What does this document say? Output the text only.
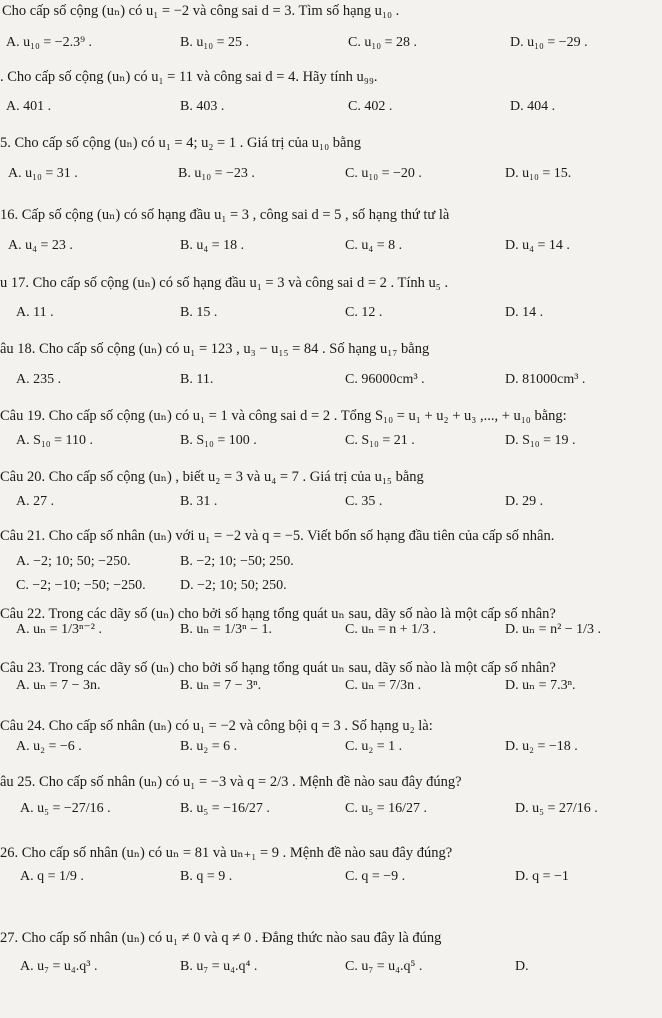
Cho cấp số cộng (uₙ) có u₁ = −2 và công sai d = 3. Tìm số hạng u₁₀ .
A. u₁₀ = −2.3⁹ .	B. u₁₀ = 25 .	C. u₁₀ = 28 .	D. u₁₀ = −29 .
. Cho cấp số cộng (uₙ) có u₁ = 11 và công sai d = 4. Hãy tính u₉₉.
A. 401 .	B. 403 .	C. 402 .	D. 404 .
5. Cho cấp số cộng (uₙ) có u₁ = 4; u₂ = 1 . Giá trị của u₁₀ bằng
A. u₁₀ = 31 .	B. u₁₀ = −23 .	C. u₁₀ = −20 .	D. u₁₀ = 15.
16. Cấp số cộng (uₙ) có số hạng đầu u₁ = 3 , công sai d = 5 , số hạng thứ tư là
A. u₄ = 23 .	B. u₄ = 18 .	C. u₄ = 8 .	D. u₄ = 14 .
u 17. Cho cấp số cộng (uₙ) có số hạng đầu u₁ = 3 và công sai d = 2 . Tính u₅ .
A. 11 .	B. 15 .	C. 12 .	D. 14 .
âu 18. Cho cấp số cộng (uₙ) có u₁ = 123 , u₃ − u₁₅ = 84 . Số hạng u₁₇ bằng
A. 235 .	B. 11.	C. 96000cm³ .	D. 81000cm³ .
Câu 19. Cho cấp số cộng (uₙ) có u₁ = 1 và công sai d = 2 . Tổng S₁₀ = u₁ + u₂ + u₃ ,..., + u₁₀ bằng:
A. S₁₀ = 110 .	B. S₁₀ = 100 .	C. S₁₀ = 21 .	D. S₁₀ = 19 .
Câu 20. Cho cấp số cộng (uₙ) , biết u₂ = 3 và u₄ = 7 . Giá trị của u₁₅ bằng
A. 27 .	B. 31 .	C. 35 .	D. 29 .
Câu 21. Cho cấp số nhân (uₙ) với u₁ = −2 và q = −5. Viết bốn số hạng đầu tiên của cấp số nhân.
A. −2; 10; 50; −250.	B. −2; 10; −50; 250.
C. −2; −10; −50; −250. D. −2; 10; 50; 250.
Câu 22. Trong các dãy số (uₙ) cho bởi số hạng tổng quát uₙ sau, dãy số nào là một cấp số nhân?
A. uₙ = 1/3ⁿ⁻² .	B. uₙ = 1/3ⁿ − 1.	C. uₙ = n + 1/3 .	D. uₙ = n² − 1/3 .
Câu 23. Trong các dãy số (uₙ) cho bởi số hạng tổng quát uₙ sau, dãy số nào là một cấp số nhân?
A. uₙ = 7 − 3n.	B. uₙ = 7 − 3ⁿ.	C. uₙ = 7/3n .	D. uₙ = 7.3ⁿ.
Câu 24. Cho cấp số nhân (uₙ) có u₁ = −2 và công bội q = 3 . Số hạng u₂ là:
A. u₂ = −6 .	B. u₂ = 6 .	C. u₂ = 1 .	D. u₂ = −18 .
âu 25. Cho cấp số nhân (uₙ) có u₁ = −3 và q = 2/3 . Mệnh đề nào sau đây đúng?
A. u₅ = −27/16 .	B. u₅ = −16/27 .	C. u₅ = 16/27 .	D. u₅ = 27/16 .
26. Cho cấp số nhân (uₙ) có uₙ = 81 và uₙ₊₁ = 9 . Mệnh đề nào sau đây đúng?
A. q = 1/9 .	B. q = 9 .	C. q = −9 .	D. q = −1
27. Cho cấp số nhân (uₙ) có u₁ ≠ 0 và q ≠ 0 . Đẳng thức nào sau đây là đúng
A. u₇ = u₄.q³ .	B. u₇ = u₄.q⁴ .	C. u₇ = u₄.q⁵ .	D.
